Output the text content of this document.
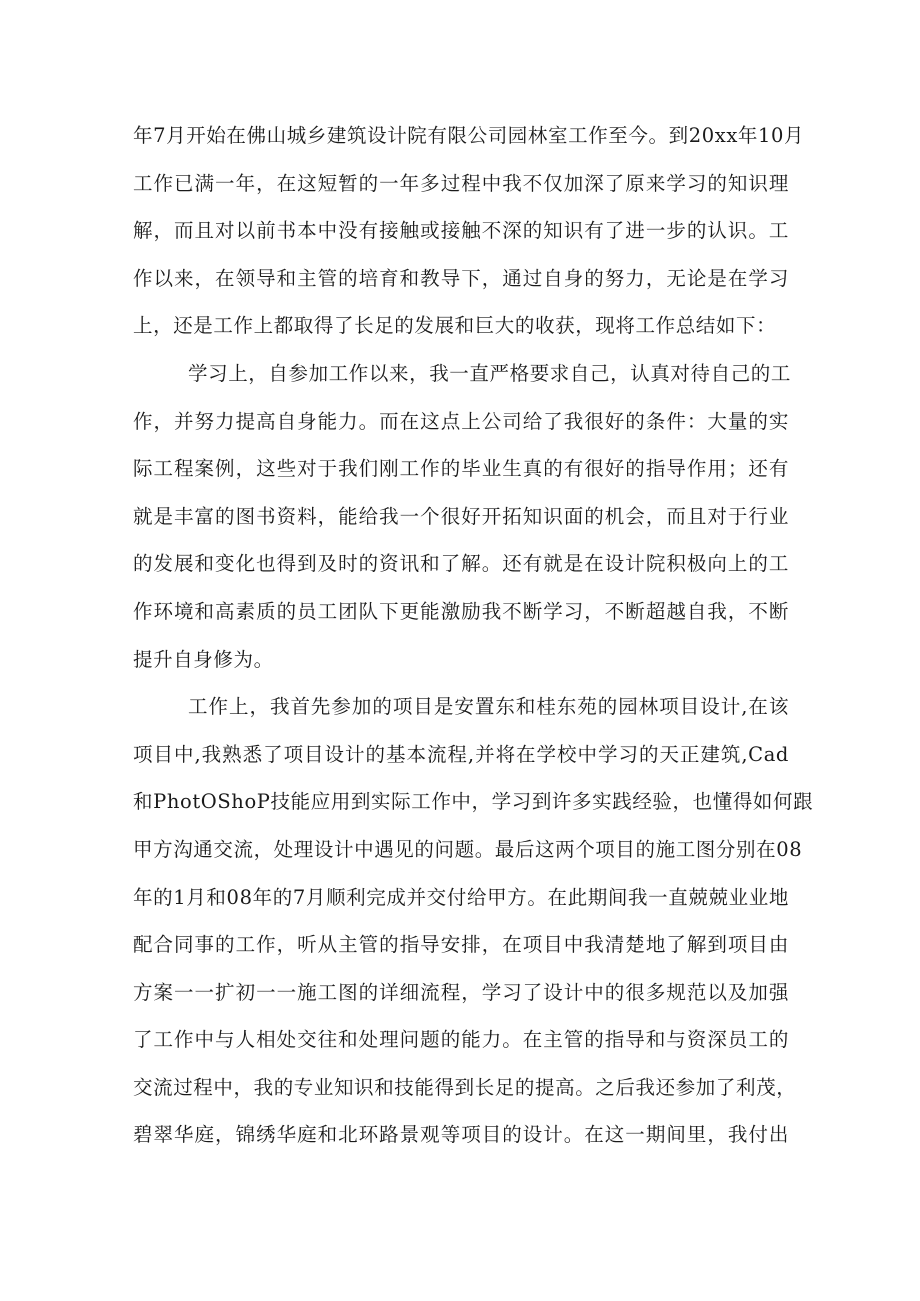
年7月开始在佛山城乡建筑设计院有限公司园林室工作至今。到20xx年10月
工作已满一年，在这短暂的一年多过程中我不仅加深了原来学习的知识理
解，而且对以前书本中没有接触或接触不深的知识有了进一步的认识。工
作以来，在领导和主管的培育和教导下，通过自身的努力，无论是在学习
上，还是工作上都取得了长足的发展和巨大的收获，现将工作总结如下：

学习上，自参加工作以来，我一直严格要求自己，认真对待自己的工
作，并努力提高自身能力。而在这点上公司给了我很好的条件：大量的实
际工程案例，这些对于我们刚工作的毕业生真的有很好的指导作用；还有
就是丰富的图书资料，能给我一个很好开拓知识面的机会，而且对于行业
的发展和变化也得到及时的资讯和了解。还有就是在设计院积极向上的工
作环境和高素质的员工团队下更能激励我不断学习，不断超越自我，不断
提升自身修为。

工作上，我首先参加的项目是安置东和桂东苑的园林项目设计,在该
项目中,我熟悉了项目设计的基本流程,并将在学校中学习的天正建筑,Cad
和PhotOShoP技能应用到实际工作中，学习到许多实践经验，也懂得如何跟
甲方沟通交流，处理设计中遇见的问题。最后这两个项目的施工图分别在08
年的1月和08年的7月顺利完成并交付给甲方。在此期间我一直兢兢业业地
配合同事的工作，听从主管的指导安排，在项目中我清楚地了解到项目由
方案一一扩初一一施工图的详细流程，学习了设计中的很多规范以及加强
了工作中与人相处交往和处理问题的能力。在主管的指导和与资深员工的
交流过程中，我的专业知识和技能得到长足的提高。之后我还参加了利茂，
碧翠华庭，锦绣华庭和北环路景观等项目的设计。在这一期间里，我付出
